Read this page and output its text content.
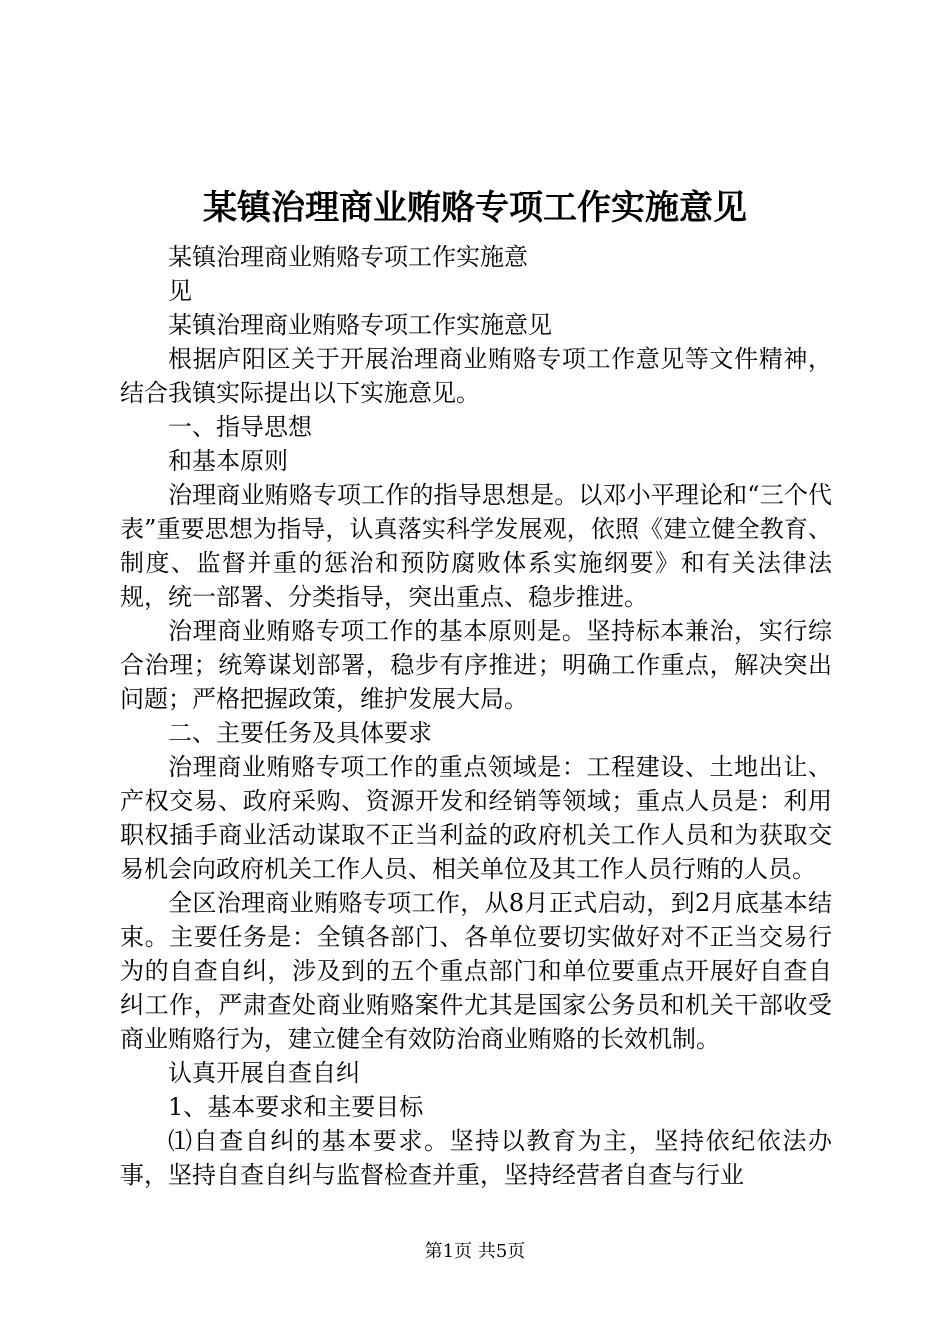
某镇治理商业贿赂专项工作实施意见

某镇治理商业贿赂专项工作实施意

见

某镇治理商业贿赂专项工作实施意见

根据庐阳区关于开展治理商业贿赂专项工作意见等文件精神，结合我镇实际提出以下实施意见。

一、指导思想

和基本原则

治理商业贿赂专项工作的指导思想是。以邓小平理论和“三个代表”重要思想为指导，认真落实科学发展观，依照《建立健全教育、制度、监督并重的惩治和预防腐败体系实施纲要》和有关法律法规，统一部署、分类指导，突出重点、稳步推进。

治理商业贿赂专项工作的基本原则是。坚持标本兼治，实行综合治理；统筹谋划部署，稳步有序推进；明确工作重点，解决突出问题；严格把握政策，维护发展大局。

二、主要任务及具体要求

治理商业贿赂专项工作的重点领域是：工程建设、土地出让、产权交易、政府采购、资源开发和经销等领域；重点人员是：利用职权插手商业活动谋取不正当利益的政府机关工作人员和为获取交易机会向政府机关工作人员、相关单位及其工作人员行贿的人员。

全区治理商业贿赂专项工作，从8月正式启动，到2月底基本结束。主要任务是：全镇各部门、各单位要切实做好对不正当交易行为的自查自纠，涉及到的五个重点部门和单位要重点开展好自查自纠工作，严肃查处商业贿赂案件尤其是国家公务员和机关干部收受商业贿赂行为，建立健全有效防治商业贿赂的长效机制。

认真开展自查自纠

1、基本要求和主要目标

⑴自查自纠的基本要求。坚持以教育为主，坚持依纪依法办事，坚持自查自纠与监督检查并重，坚持经营者自查与行业

第1页 共5页
